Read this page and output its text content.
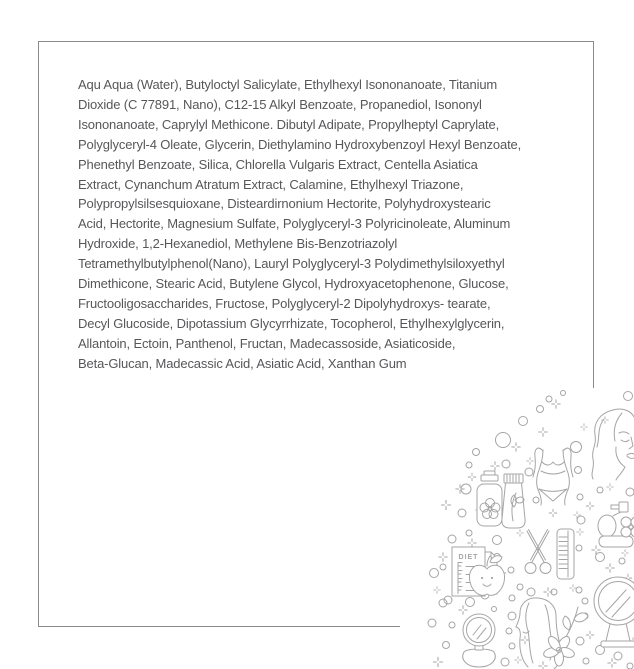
Aqu Aqua (Water), Butyloctyl Salicylate, Ethylhexyl Isononanoate, Titanium
Dioxide (C 77891, Nano), C12-15 Alkyl Benzoate, Propanediol, Isononyl
Isononanoate, Caprylyl Methicone. Dibutyl Adipate, Propylheptyl Caprylate,
Polyglyceryl-4 Oleate, Glycerin, Diethylamino Hydroxybenzoyl Hexyl Benzoate,
Phenethyl Benzoate, Silica, Chlorella Vulgaris Extract, Centella Asiatica
Extract, Cynanchum Atratum Extract, Calamine, Ethylhexyl Triazone,
Polypropylsilsesquioxane, Disteardirnonium Hectorite, Polyhydroxystearic
Acid, Hectorite, Magnesium Sulfate, Polyglyceryl-3 Polyricinoleate, Aluminum
Hydroxide, 1,2-Hexanediol, Methylene Bis-Benzotriazolyl
Tetramethylbutylphenol(Nano), Lauryl Polyglyceryl-3 Polydimethylsiloxyethyl
Dimethicone, Stearic Acid, Butylene Glycol, Hydroxyacetophenone, Glucose,
Fructooligosaccharides, Fructose, Polyglyceryl-2 Dipolyhydroxys- tearate,
Decyl Glucoside, Dipotassium Glycyrrhizate, Tocopherol, Ethylhexylglycerin,
Allantoin, Ectoin, Panthenol, Fructan, Madecassoside, Asiaticoside,
Beta-Glucan, Madecassic Acid, Asiatic Acid, Xanthan Gum
DIET
